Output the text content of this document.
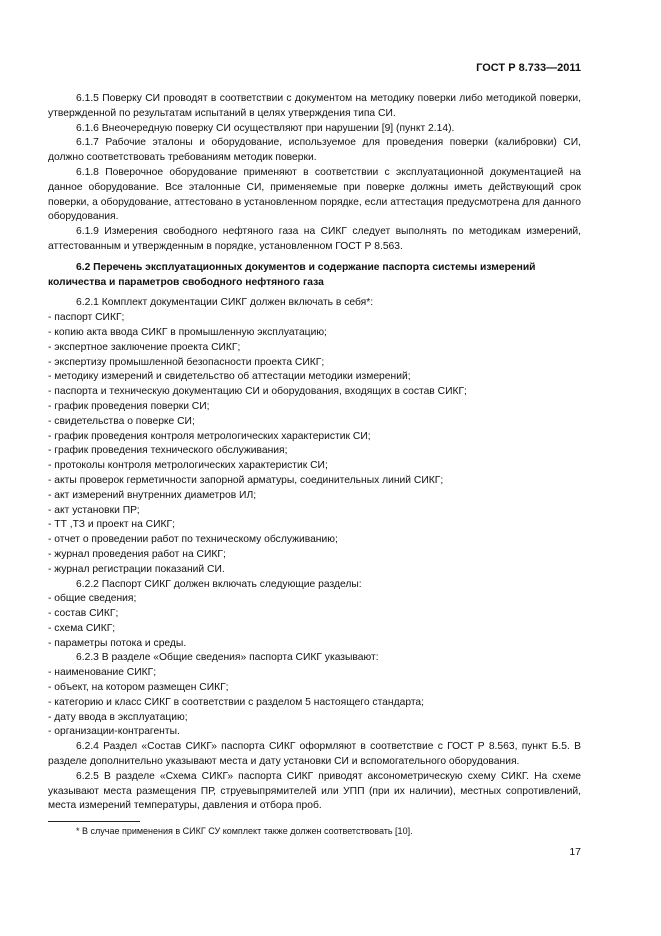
ГОСТ Р 8.733—2011
6.1.5 Поверку СИ проводят в соответствии с документом на методику поверки либо методикой поверки, утвержденной по результатам испытаний в целях утверждения типа СИ.
6.1.6 Внеочередную поверку СИ осуществляют при нарушении [9] (пункт 2.14).
6.1.7 Рабочие эталоны и оборудование, используемое для проведения поверки (калибровки) СИ, должно соответствовать требованиям методик поверки.
6.1.8 Поверочное оборудование применяют в соответствии с эксплуатационной документацией на данное оборудование. Все эталонные СИ, применяемые при поверке должны иметь действующий срок поверки, а оборудование, аттестовано в установленном порядке, если аттестация предусмотрена для данного оборудования.
6.1.9 Измерения свободного нефтяного газа на СИКГ следует выполнять по методикам измерений, аттестованным и утвержденным в порядке, установленном ГОСТ Р 8.563.
6.2 Перечень эксплуатационных документов и содержание паспорта системы измерений количества и параметров свободного нефтяного газа
6.2.1 Комплект документации СИКГ должен включать в себя*:
- паспорт СИКГ;
- копию акта ввода СИКГ в промышленную эксплуатацию;
- экспертное заключение проекта СИКГ;
- экспертизу промышленной безопасности проекта СИКГ;
- методику измерений и свидетельство об аттестации методики измерений;
- паспорта и техническую документацию СИ и оборудования, входящих в состав СИКГ;
- график проведения поверки СИ;
- свидетельства о поверке СИ;
- график проведения контроля метрологических характеристик СИ;
- график проведения технического обслуживания;
- протоколы контроля метрологических характеристик СИ;
- акты проверок герметичности запорной арматуры, соединительных линий СИКГ;
- акт измерений внутренних диаметров ИЛ;
- акт установки ПР;
- ТТ ,ТЗ и проект на СИКГ;
- отчет о проведении работ по техническому обслуживанию;
- журнал проведения работ на СИКГ;
- журнал регистрации показаний СИ.
6.2.2 Паспорт СИКГ должен включать следующие разделы:
- общие сведения;
- состав СИКГ;
- схема СИКГ;
- параметры потока и среды.
6.2.3 В разделе «Общие сведения» паспорта СИКГ указывают:
- наименование СИКГ;
- объект, на котором размещен СИКГ;
- категорию и класс СИКГ в соответствии с разделом 5 настоящего стандарта;
- дату ввода в эксплуатацию;
- организации-контрагенты.
6.2.4 Раздел «Состав СИКГ» паспорта СИКГ оформляют в соответствие с ГОСТ Р 8.563, пункт Б.5. В разделе дополнительно указывают места и дату установки СИ и вспомогательного оборудования.
6.2.5 В разделе «Схема СИКГ» паспорта СИКГ приводят аксонометрическую схему СИКГ. На схеме указывают места размещения ПР, струевыпрямителей или УПП (при их наличии), местных сопротивлений, места измерений температуры, давления и отбора проб.
* В случае применения в СИКГ СУ комплект также должен соответствовать [10].
17
